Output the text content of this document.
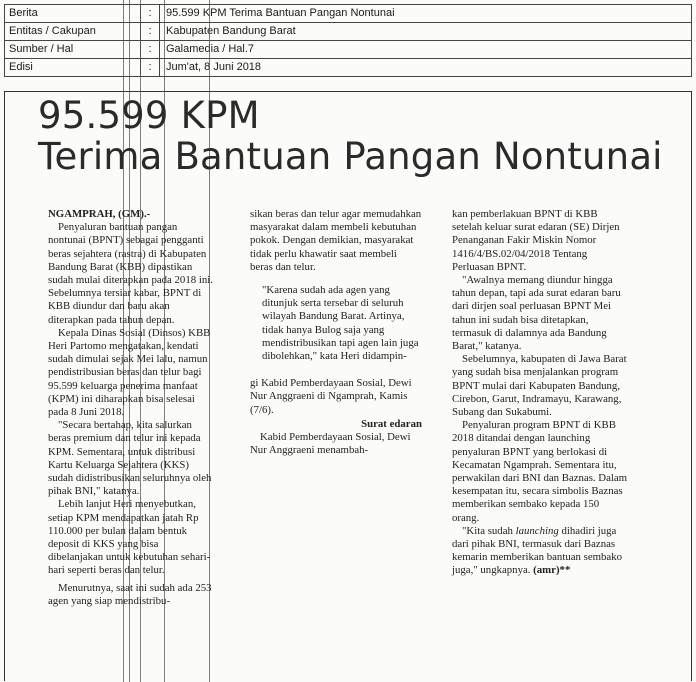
Berita	:	95.599 KPM Terima Bantuan Pangan Nontunai
Entitas / Cakupan	:	Kabupaten Bandung Barat
Sumber / Hal	:	Galamedia / Hal.7
Edisi	:	Jum'at, 8 Juni 2018
95.599 KPM
Terima Bantuan Pangan Nontunai

NGAMPRAH, (GM).-

Penyaluran bantuan pangan nontunai (BPNT) sebagai pengganti beras sejahtera (rastra) di Kabupaten Bandung Barat (KBB) dipastikan sudah mulai diterapkan pada 2018 ini. Sebelumnya tersiar kabar, BPNT di KBB diundur dan baru akan diterapkan pada tahun depan.

Kepala Dinas Sosial (Dinsos) KBB Heri Partomo mengatakan, kendati sudah dimulai sejak Mei lalu, namun pendistribusian beras dan telur bagi 95.599 keluarga penerima manfaat (KPM) ini diharapkan bisa selesai pada 8 Juni 2018.

"Secara bertahap, kita salurkan beras premium dan telur ini kepada KPM. Sementara, untuk distribusi Kartu Keluarga Sejahtera (KKS) sudah didistribusikan seluruhnya oleh pihak BNI," katanya.

Lebih lanjut Heri menyebutkan, setiap KPM mendapatkan jatah Rp 110.000 per bulan dalam bentuk deposit di KKS yang bisa dibelanjakan untuk kebutuhan sehari-hari seperti beras dan telur.

Menurutnya, saat ini sudah ada 253 agen yang siap mendistribu-

sikan beras dan telur agar memudahkan masyarakat dalam membeli kebutuhan pokok. Dengan demikian, masyarakat tidak perlu khawatir saat membeli beras dan telur.

"Karena sudah ada agen yang ditunjuk serta tersebar di seluruh wilayah Bandung Barat. Artinya, tidak hanya Bulog saja yang mendistribusikan tapi agen lain juga dibolehkan," kata Heri didampin-

gi Kabid Pemberdayaan Sosial, Dewi Nur Anggraeni di Ngamprah, Kamis (7/6).

Surat edaran

Kabid Pemberdayaan Sosial, Dewi Nur Anggraeni menambah-

kan pemberlakuan BPNT di KBB setelah keluar surat edaran (SE) Dirjen Penanganan Fakir Miskin Nomor 1416/4/BS.02/04/2018 Tentang Perluasan BPNT.

"Awalnya memang diundur hingga tahun depan, tapi ada surat edaran baru dari dirjen soal perluasan BPNT Mei tahun ini sudah bisa ditetapkan, termasuk di dalamnya ada Bandung Barat," katanya.

Sebelumnya, kabupaten di Jawa Barat yang sudah bisa menjalankan program BPNT mulai dari Kabupaten Bandung, Cirebon, Garut, Indramayu, Karawang, Subang dan Sukabumi.

Penyaluran program BPNT di KBB 2018 ditandai dengan launching penyaluran BPNT yang berlokasi di Kecamatan Ngamprah. Sementara itu, perwakilan dari BNI dan Baznas. Dalam kesempatan itu, secara simbolis Baznas memberikan sembako kepada 150 orang.

"Kita sudah launching dihadiri juga dari pihak BNI, termasuk dari Baznas kemarin memberikan bantuan sembako juga," ungkapnya. (amr)**
